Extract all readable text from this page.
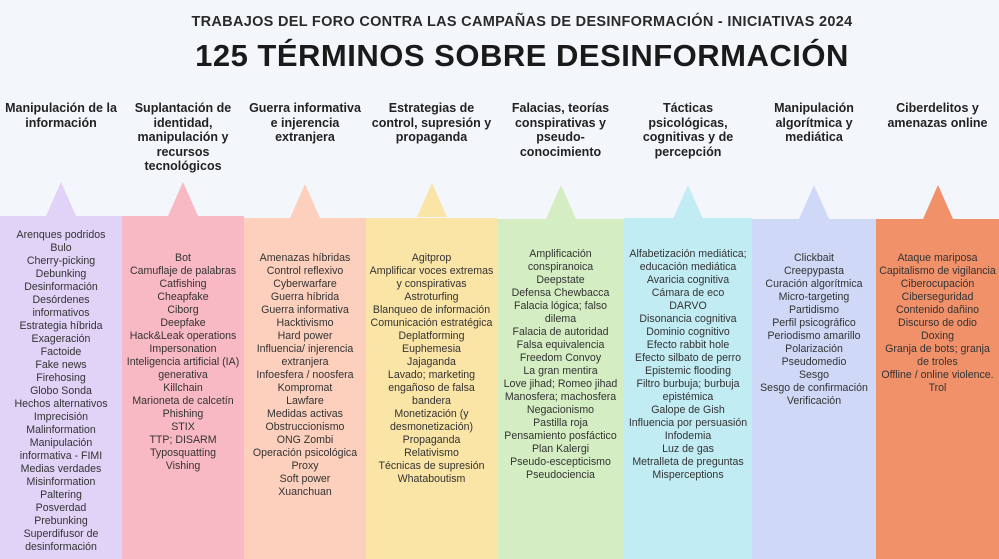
TRABAJOS DEL FORO CONTRA LAS CAMPAÑAS DE DESINFORMACIÓN - INICIATIVAS 2024
125 TÉRMINOS SOBRE DESINFORMACIÓN
Manipulación de la información
Arenques podridos
Bulo
Cherry-picking
Debunking
Desinformación
Desórdenes informativos
Estrategia híbrida
Exageración
Factoide
Fake news
Firehosing
Globo Sonda
Hechos alternativos
Imprecisión
Malinformation
Manipulación informativa - FIMI
Medias verdades
Misinformation
Paltering
Posverdad
Prebunking
Superdifusor de desinformación
Suplantación de identidad, manipulación y recursos tecnológicos
Bot
Camuflaje de palabras
Catfishing
Cheapfake
Ciborg
Deepfake
Hack&Leak operations
Impersonation
Inteligencia artificial (IA) generativa
Killchain
Marioneta de calcetín
Phishing
STIX
TTP; DISARM
Typosquatting
Vishing
Guerra informativa e injerencia extranjera
Amenazas híbridas
Control reflexivo
Cyberwarfare
Guerra híbrida
Guerra informativa
Hacktivismo
Hard power
Influencia/ injerencia extranjera
Infoesfera / noosfera
Kompromat
Lawfare
Medidas activas
Obstruccionismo
ONG Zombi
Operación psicológica
Proxy
Soft power
Xuanchuan
Estrategias de control, supresión y propaganda
Agitprop
Amplificar voces extremas y conspirativas
Astroturfing
Blanqueo de información
Comunicación estratégica
Deplatforming
Euphemesia
Jajaganda
Lavado; marketing engañoso de falsa bandera
Monetización (y desmonetización)
Propaganda
Relativismo
Técnicas de supresión
Whataboutism
Falacias, teorías conspirativas y pseudo-conocimiento
Amplificación conspiranoica
Deepstate
Defensa Chewbacca
Falacia lógica; falso dilema
Falacia de autoridad
Falsa equivalencia
Freedom Convoy
La gran mentira
Love jihad; Romeo jihad
Manosfera; machosfera
Negacionismo
Pastilla roja
Pensamiento posfáctico
Plan Kalergi
Pseudo-escepticismo
Pseudociencia
Tácticas psicológicas, cognitivas y de percepción
Alfabetización mediática; educación mediática
Avaricia cognitiva
Cámara de eco
DARVO
Disonancia cognitiva
Dominio cognitivo
Efecto rabbit hole
Efecto silbato de perro
Epistemic flooding
Filtro burbuja; burbuja epistémica
Galope de Gish
Influencia por persuasión
Infodemia
Luz de gas
Metralleta de preguntas
Misperceptions
Manipulación algorítmica y mediática
Clickbait
Creepypasta
Curación algorítmica
Micro-targeting
Partidismo
Perfil psicográfico
Periodismo amarillo
Polarización
Pseudomedio
Sesgo
Sesgo de confirmación
Verificación
Ciberdelitos y amenazas online
Ataque mariposa
Capitalismo de vigilancia
Ciberocupación
Ciberseguridad
Contenido dañino
Discurso de odio
Doxing
Granja de bots; granja de troles
Offline / online violence.
Trol
